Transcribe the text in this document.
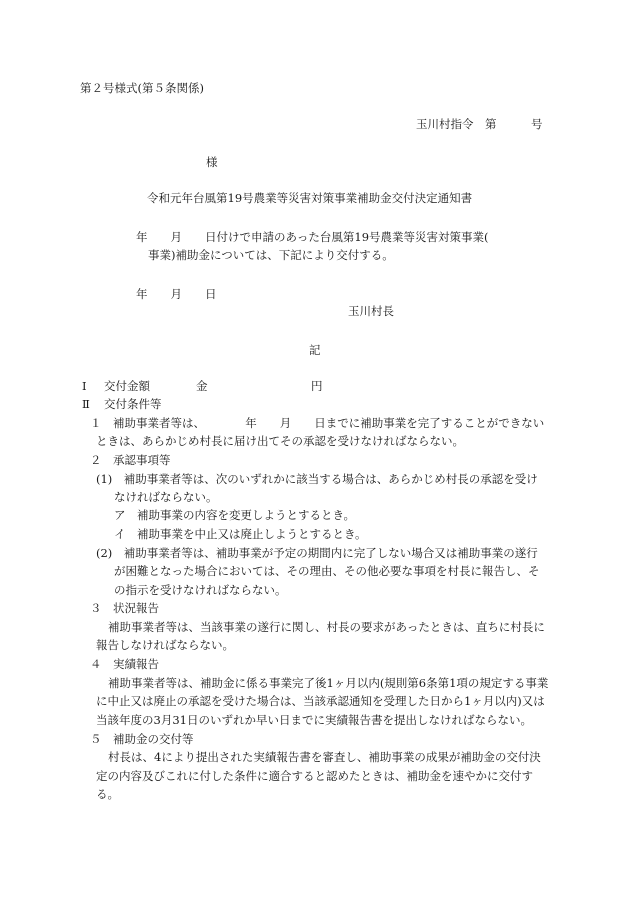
第２号様式(第５条関係)
玉川村指令　第　　　号
様
令和元年台風第19号農業等災害対策事業補助金交付決定通知書
年　　月　　日付けで申請のあった台風第19号農業等災害対策事業(
事業)補助金については、下記により交付する。
年　　月　　日
玉川村長
記
Ⅰ 交付金額　　　　金　　　　　　　　　円
Ⅱ 交付条件等
１　補助事業者等は、　　　　年　　月　　日までに補助事業を完了することができない
ときは、あらかじめ村長に届け出てその承認を受けなければならない。
２　承認事項等
(1)　補助事業者等は、次のいずれかに該当する場合は、あらかじめ村長の承認を受け
なければならない。
ア　補助事業の内容を変更しようとするとき。
イ　補助事業を中止又は廃止しようとするとき。
(2)　補助事業者等は、補助事業が予定の期間内に完了しない場合又は補助事業の遂行
が困難となった場合においては、その理由、その他必要な事項を村長に報告し、そ
の指示を受けなければならない。
３　状況報告
補助事業者等は、当該事業の遂行に関し、村長の要求があったときは、直ちに村長に
報告しなければならない。
４　実績報告
補助事業者等は、補助金に係る事業完了後1ヶ月以内(規則第6条第1項の規定する事業
に中止又は廃止の承認を受けた場合は、当該承認通知を受理した日から1ヶ月以内)又は
当該年度の3月31日のいずれか早い日までに実績報告書を提出しなければならない。
５　補助金の交付等
村長は、4により提出された実績報告書を審査し、補助事業の成果が補助金の交付決
定の内容及びこれに付した条件に適合すると認めたときは、補助金を速やかに交付す
る。
